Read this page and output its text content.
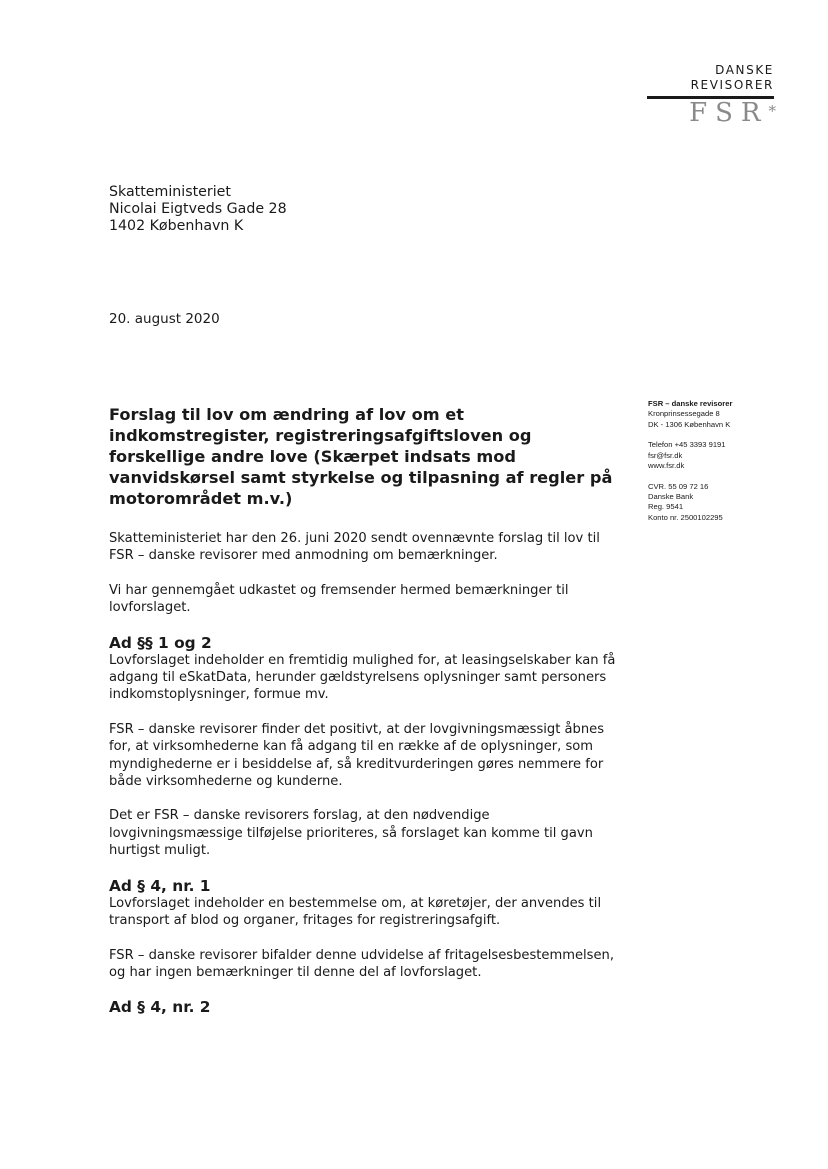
DANSKE
REVISORER
FSR*
Skatteministeriet
Nicolai Eigtveds Gade 28
1402 København K
20. august 2020
FSR – danske revisorer
Kronprinsessegade 8
DK - 1306 København K
Telefon +45 3393 9191
fsr@fsr.dk
www.fsr.dk
CVR. 55 09 72 16
Danske Bank
Reg. 9541
Konto nr. 2500102295
Forslag til lov om ændring af lov om et indkomstregister, registreringsafgiftsloven og forskellige andre love (Skærpet indsats mod vanvidskørsel samt styrkelse og tilpasning af regler på motorområdet m.v.)

Skatteministeriet har den 26. juni 2020 sendt ovennævnte forslag til lov til FSR – danske revisorer med anmodning om bemærkninger.

Vi har gennemgået udkastet og fremsender hermed bemærkninger til lovforslaget.

Ad §§ 1 og 2

Lovforslaget indeholder en fremtidig mulighed for, at leasingselskaber kan få adgang til eSkatData, herunder gældstyrelsens oplysninger samt personers indkomstoplysninger, formue mv.

FSR – danske revisorer finder det positivt, at der lovgivningsmæssigt åbnes for, at virksomhederne kan få adgang til en række af de oplysninger, som myndighederne er i besiddelse af, så kreditvurderingen gøres nemmere for både virksomhederne og kunderne.

Det er FSR – danske revisorers forslag, at den nødvendige lovgivningsmæssige tilføjelse prioriteres, så forslaget kan komme til gavn hurtigst muligt.

Ad § 4, nr. 1

Lovforslaget indeholder en bestemmelse om, at køretøjer, der anvendes til transport af blod og organer, fritages for registreringsafgift.

FSR – danske revisorer bifalder denne udvidelse af fritagelsesbestemmelsen, og har ingen bemærkninger til denne del af lovforslaget.

Ad § 4, nr. 2
